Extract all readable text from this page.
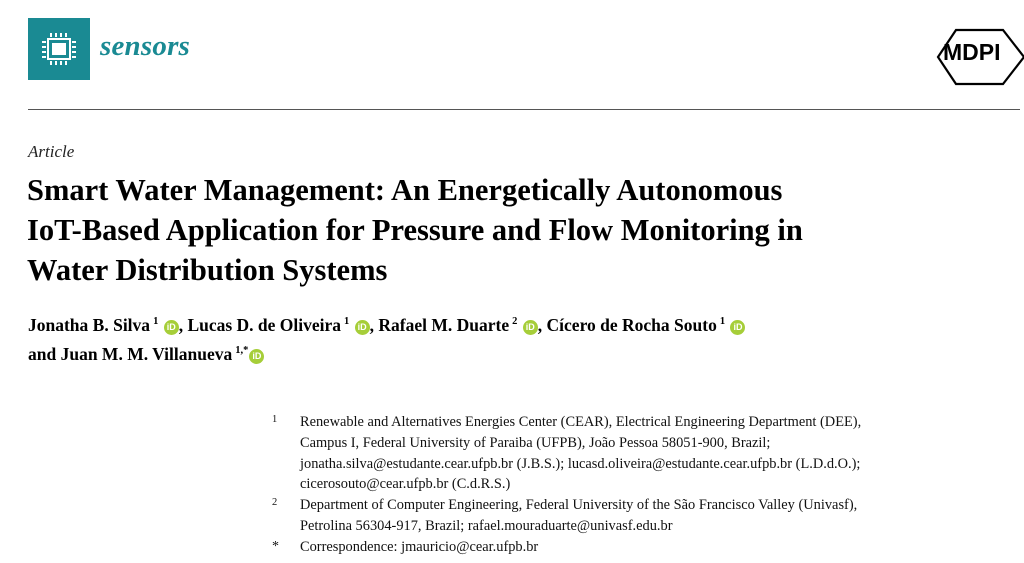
sensors	MDPI
Article
Smart Water Management: An Energetically Autonomous
IoT-Based Application for Pressure and Flow Monitoring in
Water Distribution Systems
Jonatha B. Silva $^1$ iD , Lucas D. de Oliveira $^1$ iD , Rafael M. Duarte $^2$ iD , Cícero de Rocha Souto $^1$ iD
and Juan M. M. Villanueva $^{1,*}$ iD
1 Renewable and Alternatives Energies Center (CEAR), Electrical Engineering Department (DEE),
Campus I, Federal University of Paraiba (UFPB), João Pessoa 58051-900, Brazil;
jonatha.silva@estudante.cear.ufpb.br (J.B.S.); lucasd.oliveira@estudante.cear.ufpb.br (L.D.d.O.);
cicerosouto@cear.ufpb.br (C.d.R.S.)
2 Department of Computer Engineering, Federal University of the São Francisco Valley (Univasf),
Petrolina 56304-917, Brazil; rafael.mouraduarte@univasf.edu.br
* Correspondence: jmauricio@cear.ufpb.br
